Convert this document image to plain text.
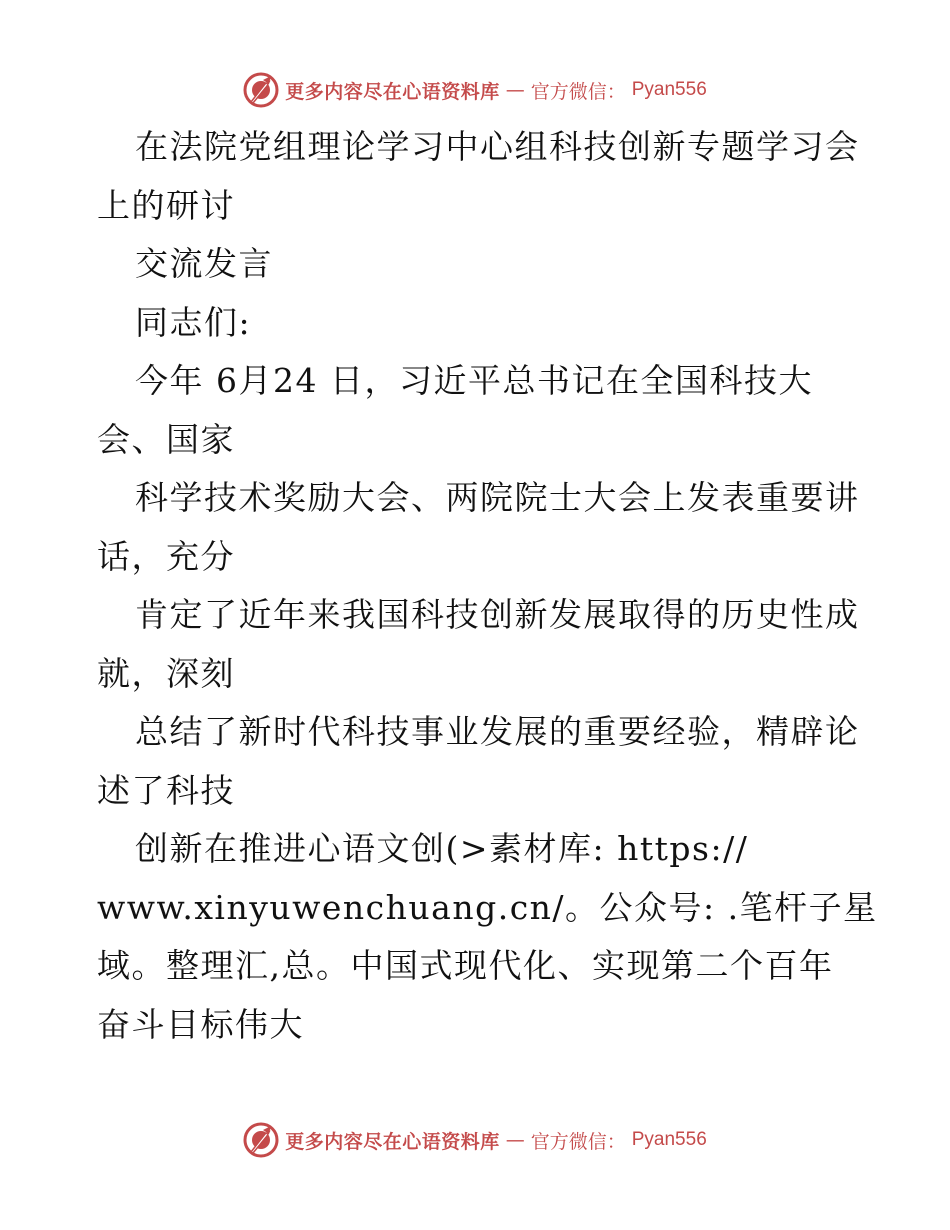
更多内容尽在心语资料库 — 官方微信： Pyan556
在法院党组理论学习中心组科技创新专题学习会
上的研讨
交流发言
同志们:
今年 6月24 日，习近平总书记在全国科技大
会、国家
科学技术奖励大会、两院院士大会上发表重要讲
话，充分
肯定了近年来我国科技创新发展取得的历史性成
就，深刻
总结了新时代科技事业发展的重要经验，精辟论
述了科技
创新在推进心语文创(>素材库: https://
www.xinyuwenchuang.cn/。公众号: .笔杆子星
域。整理汇,总。中国式现代化、实现第二个百年
奋斗目标伟大
更多内容尽在心语资料库 — 官方微信： Pyan556
